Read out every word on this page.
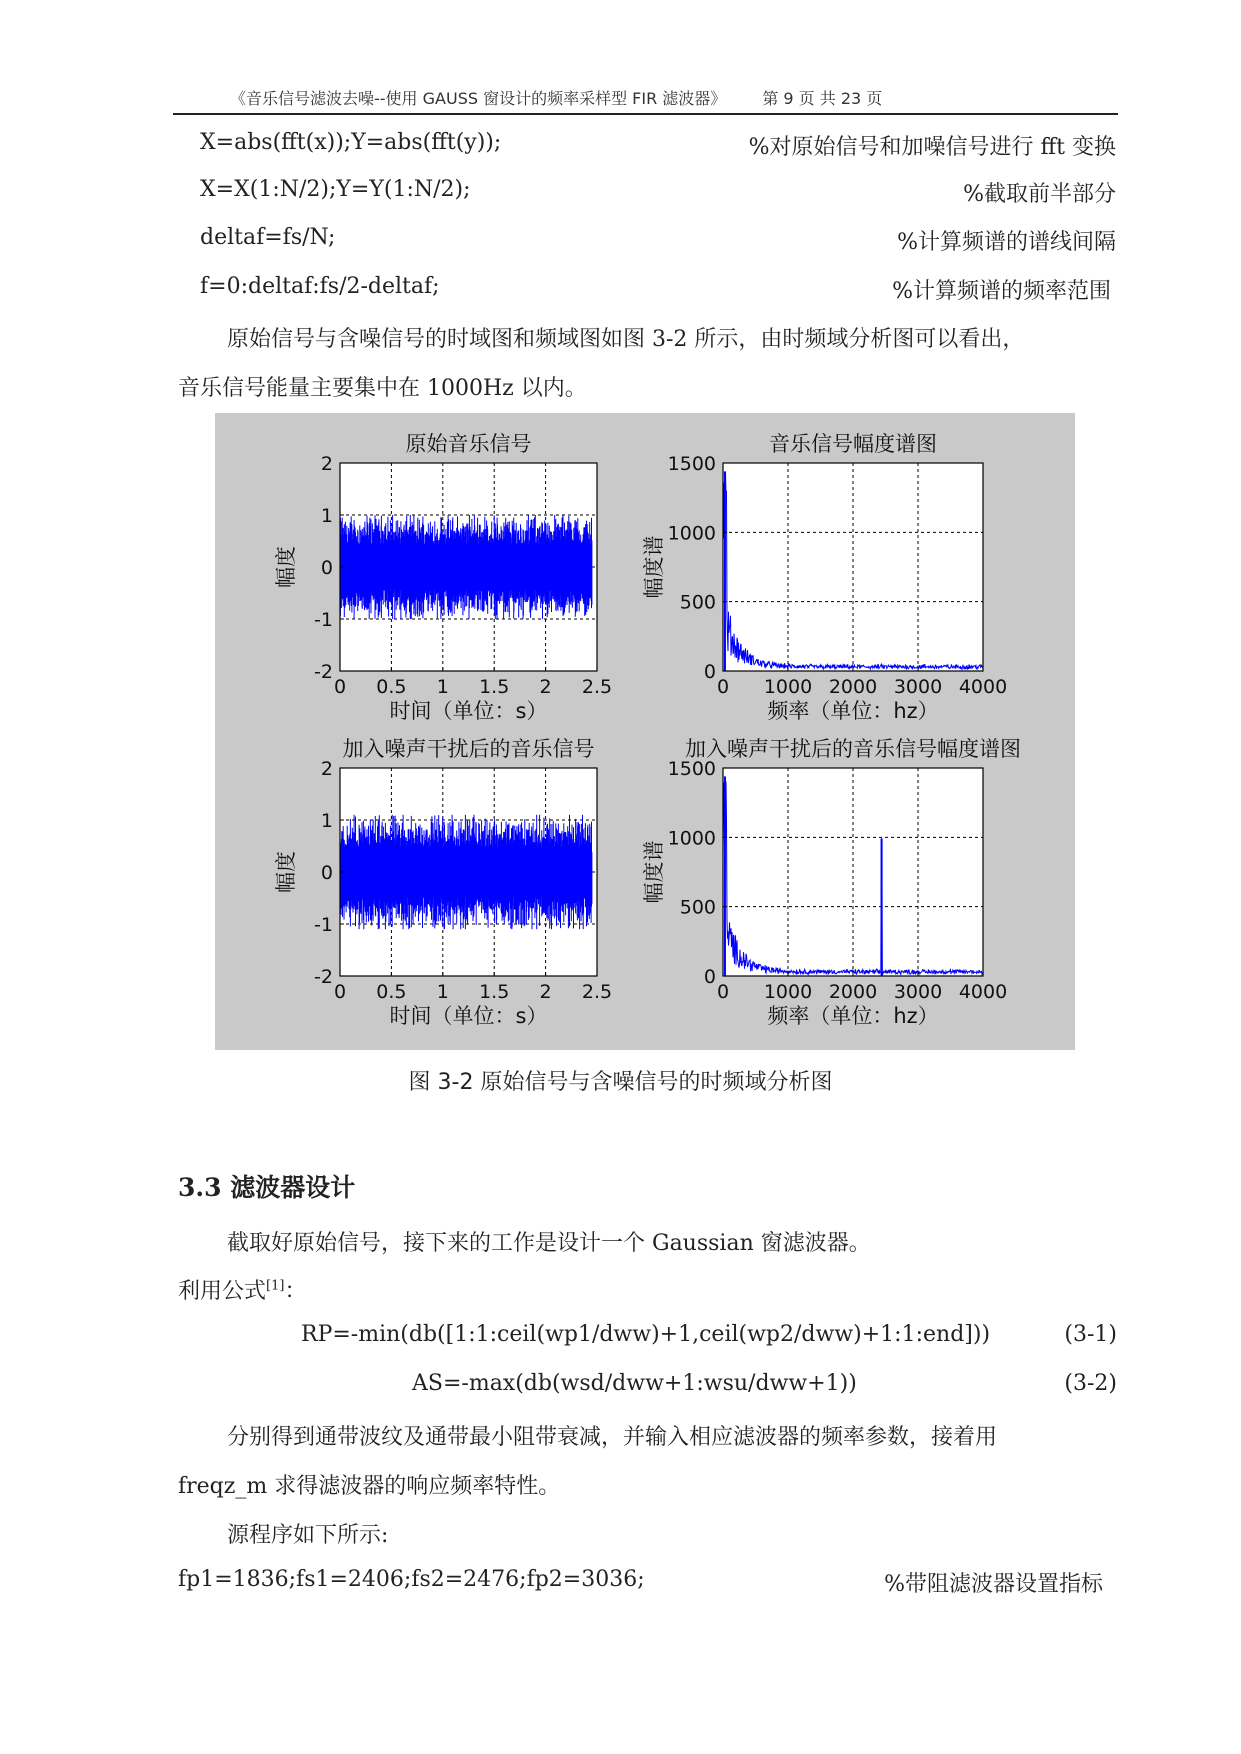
《音乐信号滤波去噪--使用 GAUSS 窗设计的频率采样型 FIR 滤波器》 第 9 页 共 23 页
X=abs(fft(x));Y=abs(fft(y));	%对原始信号和加噪信号进行 fft 变换
X=X(1:N/2);Y=Y(1:N/2);	%截取前半部分
deltaf=fs/N;	%计算频谱的谱线间隔
f=0:deltaf:fs/2-deltaf;	%计算频谱的频率范围
原始信号与含噪信号的时域图和频域图如图 3-2 所示，由时频域分析图可以看出，
音乐信号能量主要集中在 1000Hz 以内。
0 0.5 1 1.5 2 2.5
2
1
0
-1
-2
原始音乐信号
时间（单位：s）
幅度
0 1000 2000 3000 4000
1500
1000
500
0
音乐信号幅度谱图
频率（单位：hz）
幅度谱
0 0.5 1 1.5 2 2.5
2
1
0
-1
-2
加入噪声干扰后的音乐信号
时间（单位：s）
幅度
0 1000 2000 3000 4000
1500
1000
500
0
加入噪声干扰后的音乐信号幅度谱图
频率（单位：hz）
幅度谱
图 3-2 原始信号与含噪信号的时频域分析图
3.3 滤波器设计
截取好原始信号，接下来的工作是设计一个 Gaussian 窗滤波器。
利用公式[1]：
RP=-min(db([1:1:ceil(wp1/dww)+1,ceil(wp2/dww)+1:1:end]))	(3-1)
AS=-max(db(wsd/dww+1:wsu/dww+1))	(3-2)
分别得到通带波纹及通带最小阻带衰减，并输入相应滤波器的频率参数，接着用
freqz_m 求得滤波器的响应频率特性。
源程序如下所示:
fp1=1836;fs1=2406;fs2=2476;fp2=3036;	%带阻滤波器设置指标
